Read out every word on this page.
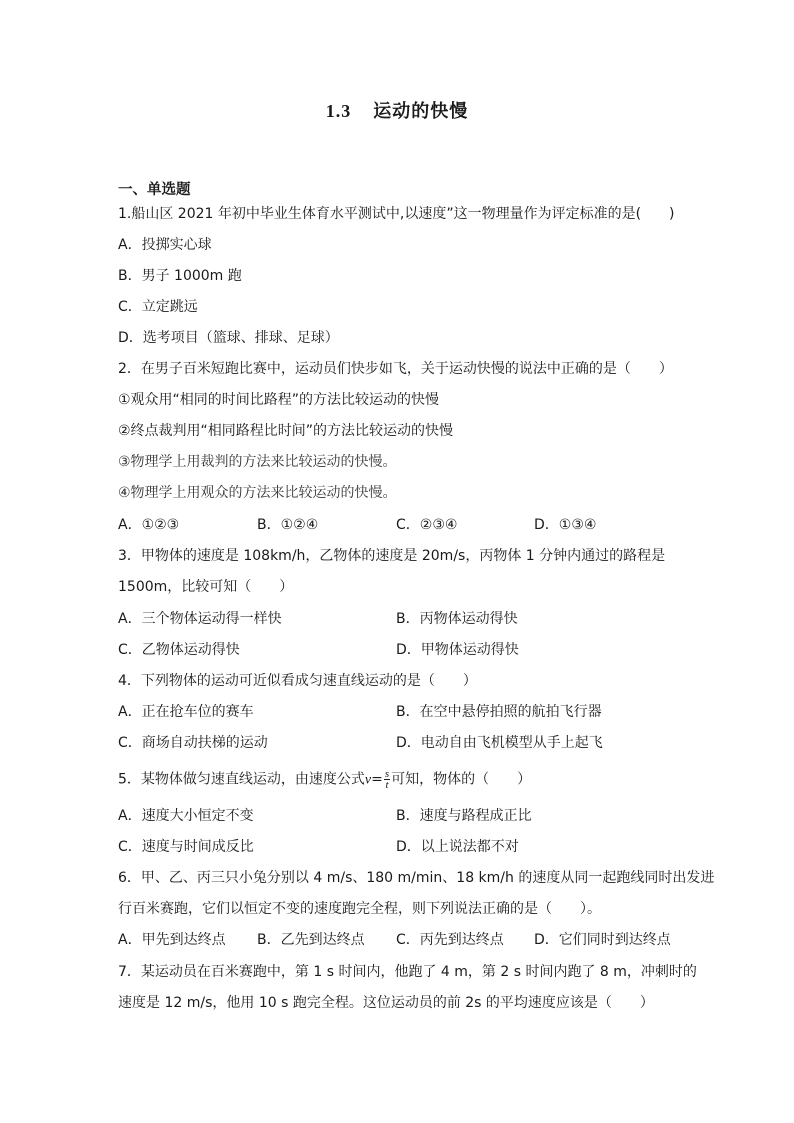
1.3 运动的快慢
一、单选题
1.船山区 2021 年初中毕业生体育水平测试中,以速度”这一物理量作为评定标准的是(　　)
A．投掷实心球
B．男子 1000m 跑
C．立定跳远
D．选考项目（篮球、排球、足球）
2．在男子百米短跑比赛中，运动员们快步如飞，关于运动快慢的说法中正确的是（　　）
①观众用“相同的时间比路程”的方法比较运动的快慢
②终点裁判用“相同路程比时间”的方法比较运动的快慢
③物理学上用裁判的方法来比较运动的快慢。
④物理学上用观众的方法来比较运动的快慢。
A．①②③	B．①②④	C．②③④	D．①③④
3．甲物体的速度是 108km/h，乙物体的速度是 20m/s，丙物体 1 分钟内通过的路程是
1500m，比较可知（　　）
A．三个物体运动得一样快	B．丙物体运动得快
C．乙物体运动得快	D．甲物体运动得快
4．下列物体的运动可近似看成匀速直线运动的是（　　）
A．正在抢车位的赛车	B．在空中悬停拍照的航拍飞行器
C．商场自动扶梯的运动	D．电动自由飞机模型从手上起飞
5．某物体做匀速直线运动，由速度公式$v= \frac{s}{t}$ 可知，物体的（　　）
A．速度大小恒定不变	B．速度与路程成正比
C．速度与时间成反比	D．以上说法都不对
6．甲、乙、丙三只小兔分别以 4 m/s、180 m/min、18 km/h 的速度从同一起跑线同时出发进
行百米赛跑，它们以恒定不变的速度跑完全程，则下列说法正确的是（　　）。
A．甲先到达终点 B．乙先到达终点 C．丙先到达终点 D．它们同时到达终点
7．某运动员在百米赛跑中，第 1 s 时间内，他跑了 4 m，第 2 s 时间内跑了 8 m，冲刺时的
速度是 12 m/s，他用 10 s 跑完全程。这位运动员的前 2s 的平均速度应该是（　　）
